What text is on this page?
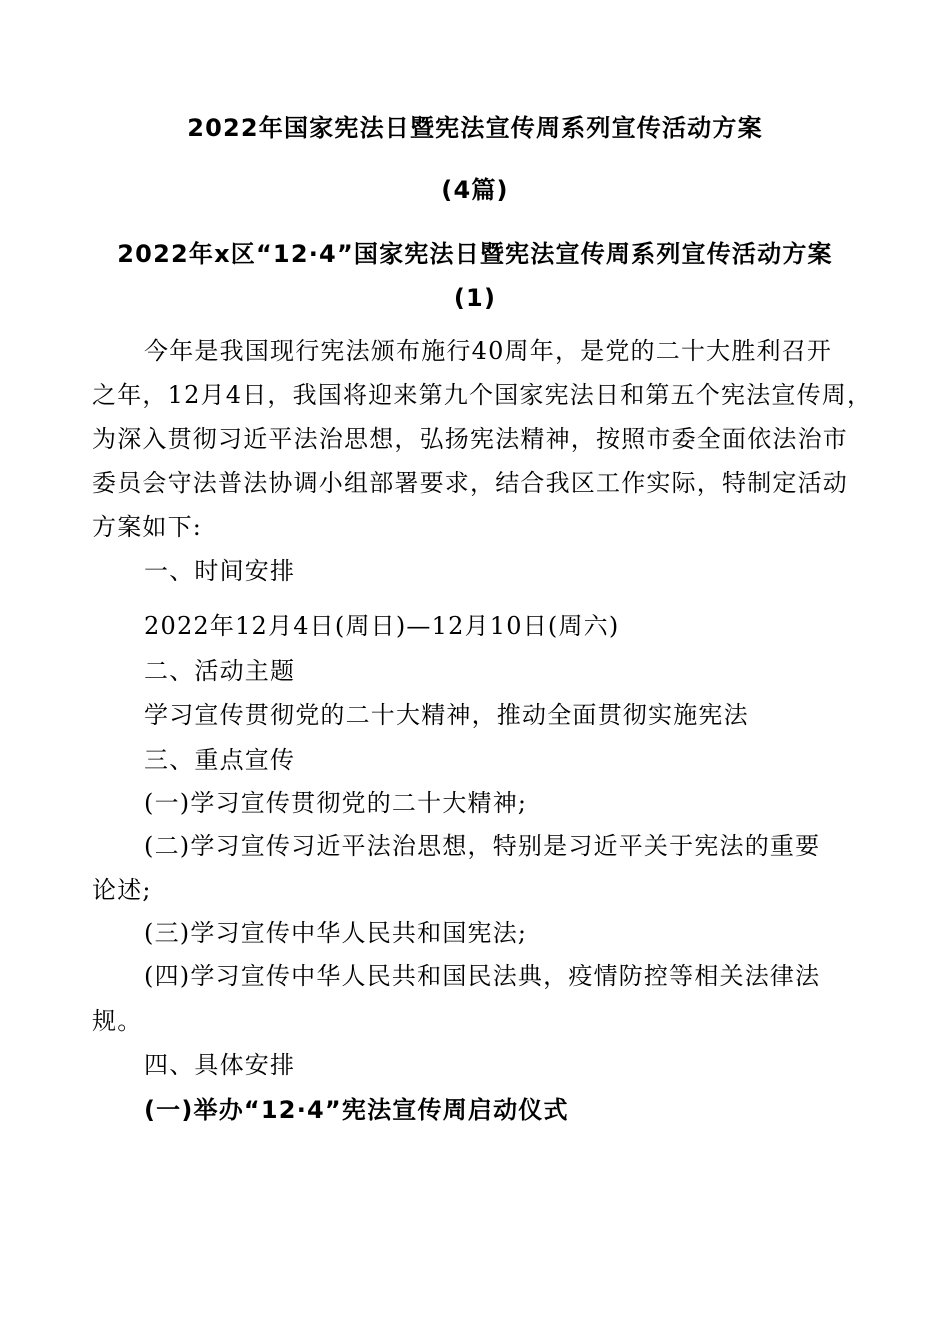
2022年国家宪法日暨宪法宣传周系列宣传活动方案
(4篇)
2022年x区“12·4”国家宪法日暨宪法宣传周系列宣传活动方案
(1)
今年是我国现行宪法颁布施行40周年，是党的二十大胜利召开
之年，12月4日，我国将迎来第九个国家宪法日和第五个宪法宣传周，
为深入贯彻习近平法治思想，弘扬宪法精神，按照市委全面依法治市
委员会守法普法协调小组部署要求，结合我区工作实际，特制定活动
方案如下:
一、时间安排
2022年12月4日(周日)—12月10日(周六)
二、活动主题
学习宣传贯彻党的二十大精神，推动全面贯彻实施宪法
三、重点宣传
(一)学习宣传贯彻党的二十大精神;
(二)学习宣传习近平法治思想，特别是习近平关于宪法的重要
论述;
(三)学习宣传中华人民共和国宪法;
(四)学习宣传中华人民共和国民法典，疫情防控等相关法律法
规。
四、具体安排
(一)举办“12·4”宪法宣传周启动仪式
